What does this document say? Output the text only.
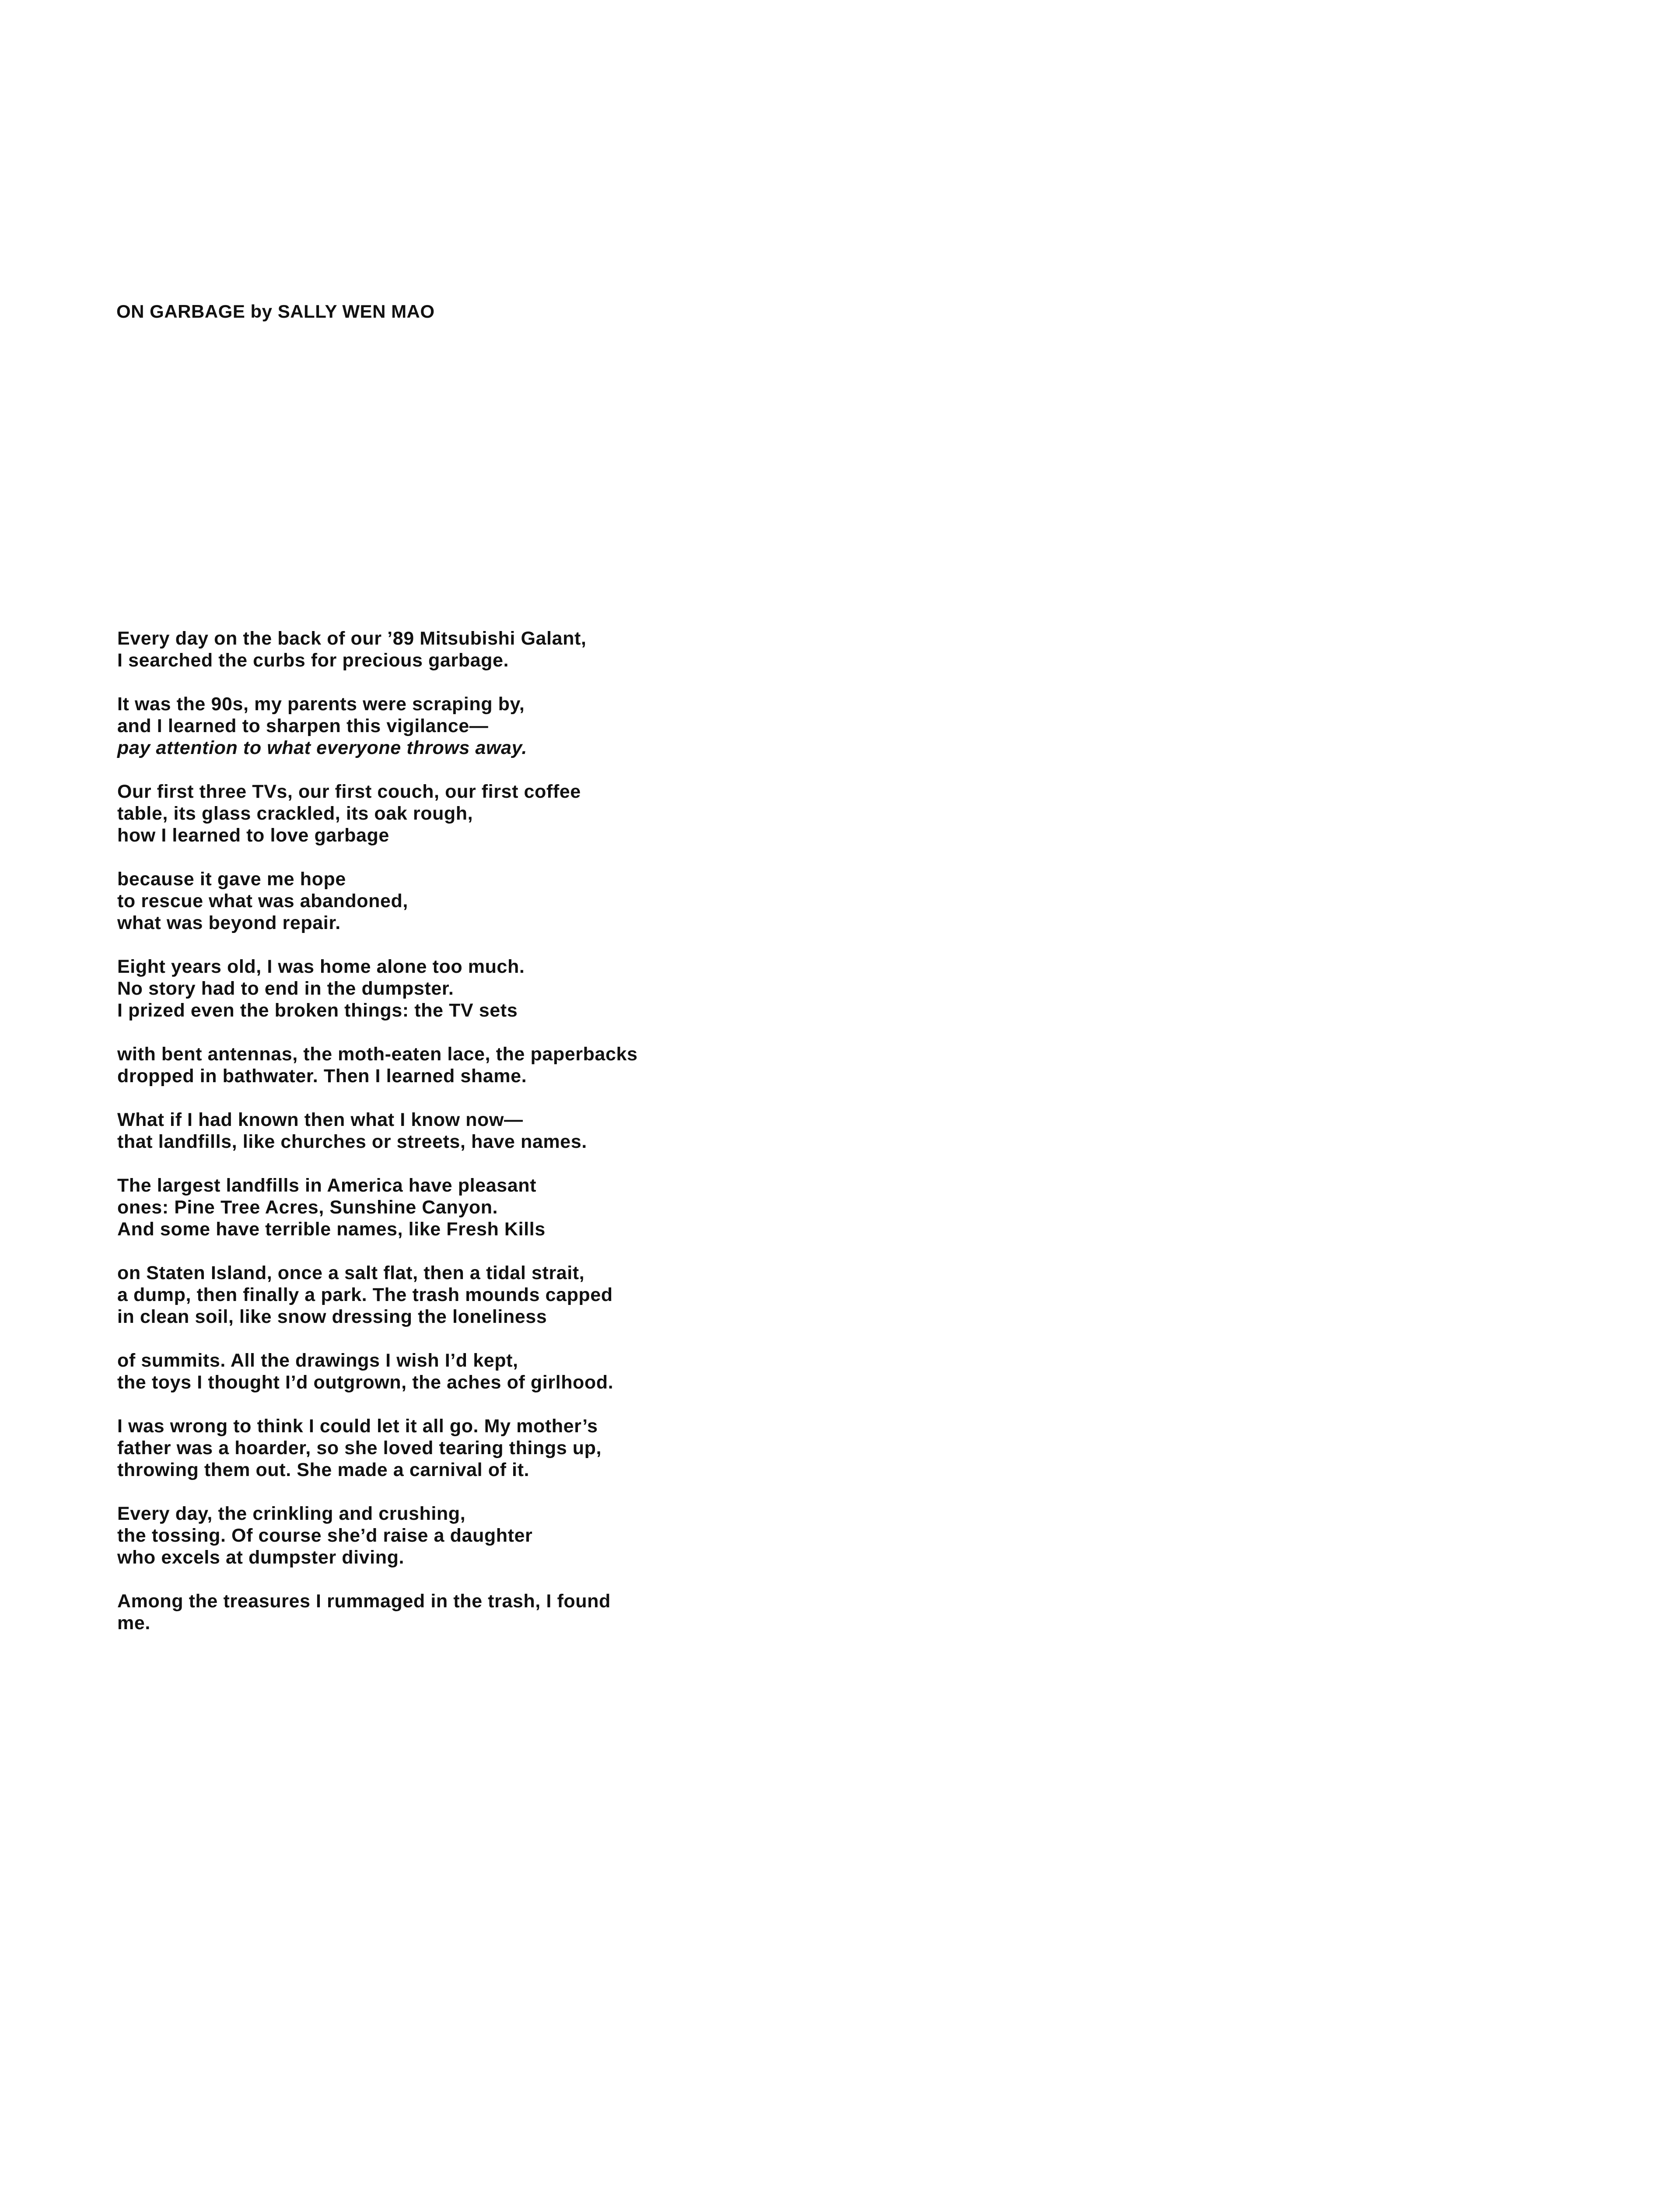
ON GARBAGE by SALLY WEN MAO

Every day on the back of our ’89 Mitsubishi Galant,
I searched the curbs for precious garbage.

It was the 90s, my parents were scraping by,
and I learned to sharpen this vigilance—
pay attention to what everyone throws away.

Our first three TVs, our first couch, our first coffee
table, its glass crackled, its oak rough,
how I learned to love garbage

because it gave me hope
to rescue what was abandoned,
what was beyond repair.

Eight years old, I was home alone too much.
No story had to end in the dumpster.
I prized even the broken things: the TV sets

with bent antennas, the moth-eaten lace, the paperbacks
dropped in bathwater. Then I learned shame.

What if I had known then what I know now—
that landfills, like churches or streets, have names.

The largest landfills in America have pleasant
ones: Pine Tree Acres, Sunshine Canyon.
And some have terrible names, like Fresh Kills

on Staten Island, once a salt flat, then a tidal strait,
a dump, then finally a park. The trash mounds capped
in clean soil, like snow dressing the loneliness

of summits. All the drawings I wish I’d kept,
the toys I thought I’d outgrown, the aches of girlhood.

I was wrong to think I could let it all go. My mother’s
father was a hoarder, so she loved tearing things up,
throwing them out. She made a carnival of it.

Every day, the crinkling and crushing,
the tossing. Of course she’d raise a daughter
who excels at dumpster diving.

Among the treasures I rummaged in the trash, I found
me.
